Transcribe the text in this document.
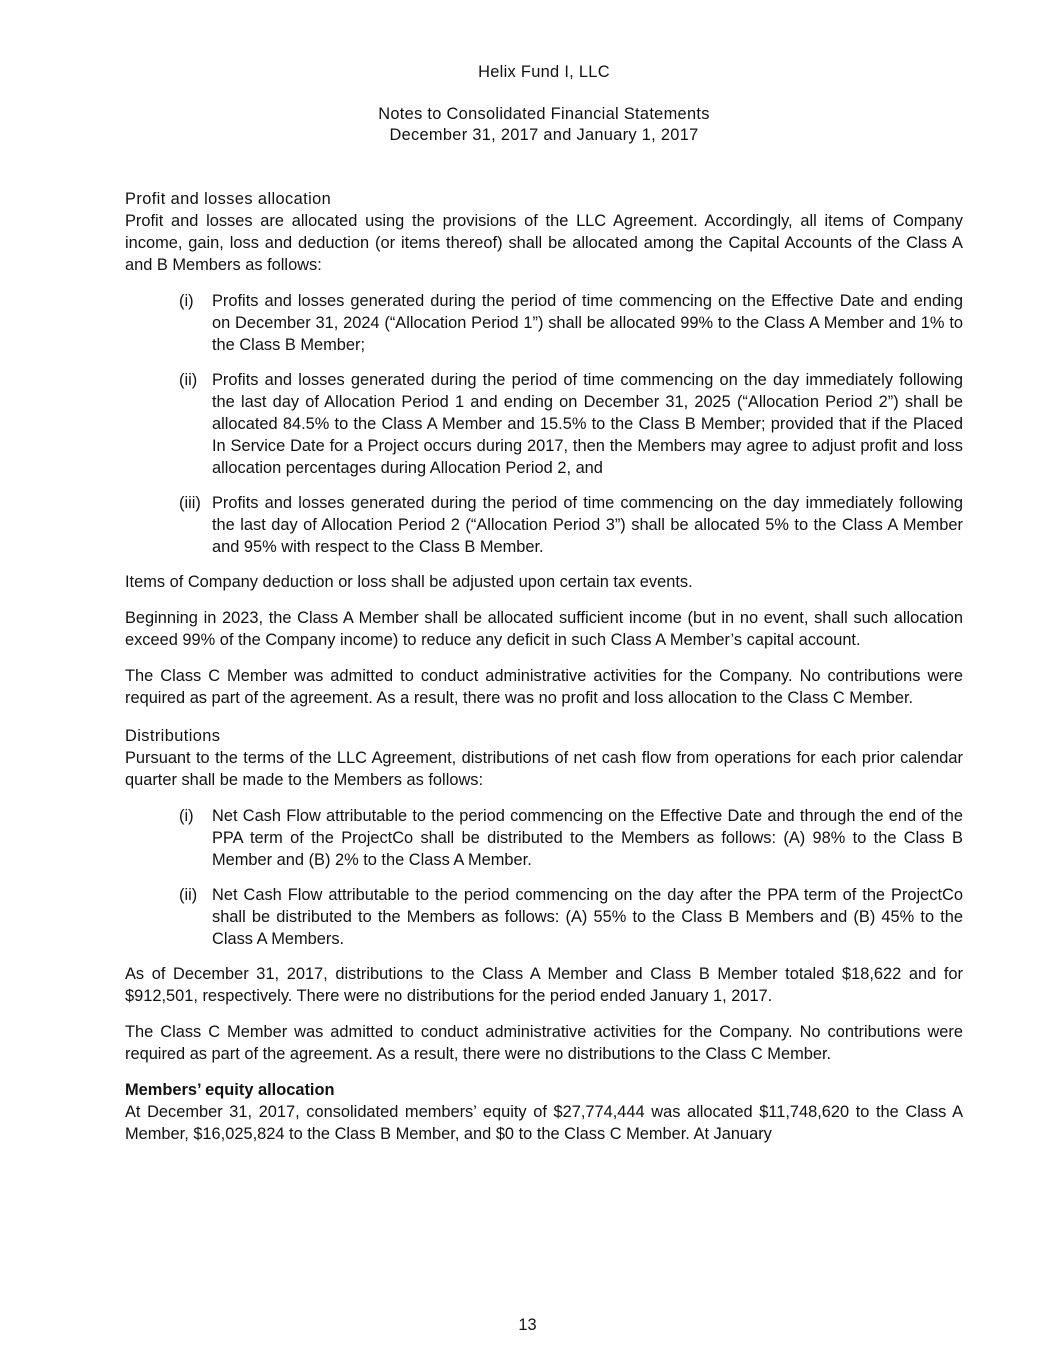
Helix Fund I, LLC

Notes to Consolidated Financial Statements

December 31, 2017 and January 1, 2017

Profit and losses allocation

Profit and losses are allocated using the provisions of the LLC Agreement. Accordingly, all items of Company income, gain, loss and deduction (or items thereof) shall be allocated among the Capital Accounts of the Class A and B Members as follows:

(i)	Profits and losses generated during the period of time commencing on the Effective Date and ending on December 31, 2024 (“Allocation Period 1”) shall be allocated 99% to the Class A Member and 1% to the Class B Member;
(ii) Profits and losses generated during the period of time commencing on the day immediately following the last day of Allocation Period 1 and ending on December 31, 2025 (“Allocation Period 2”) shall be allocated 84.5% to the Class A Member and 15.5% to the Class B Member; provided that if the Placed In Service Date for a Project occurs during 2017, then the Members may agree to adjust profit and loss allocation percentages during Allocation Period 2, and
(iii) Profits and losses generated during the period of time commencing on the day immediately following the last day of Allocation Period 2 (“Allocation Period 3”) shall be allocated 5% to the Class A Member and 95% with respect to the Class B Member.

Items of Company deduction or loss shall be adjusted upon certain tax events.

Beginning in 2023, the Class A Member shall be allocated sufficient income (but in no event, shall such allocation exceed 99% of the Company income) to reduce any deficit in such Class A Member’s capital account.

The Class C Member was admitted to conduct administrative activities for the Company. No contributions were required as part of the agreement. As a result, there was no profit and loss allocation to the Class C Member.

Distributions

Pursuant to the terms of the LLC Agreement, distributions of net cash flow from operations for each prior calendar quarter shall be made to the Members as follows:

(i)	Net Cash Flow attributable to the period commencing on the Effective Date and through the end of the PPA term of the ProjectCo shall be distributed to the Members as follows: (A) 98% to the Class B Member and (B) 2% to the Class A Member.
(ii) Net Cash Flow attributable to the period commencing on the day after the PPA term of the ProjectCo shall be distributed to the Members as follows: (A) 55% to the Class B Members and (B) 45% to the Class A Members.

As of December 31, 2017, distributions to the Class A Member and Class B Member totaled $18,622 and for $912,501, respectively. There were no distributions for the period ended January 1, 2017.

The Class C Member was admitted to conduct administrative activities for the Company. No contributions were required as part of the agreement. As a result, there were no distributions to the Class C Member.

Members’ equity allocation

At December 31, 2017, consolidated members’ equity of $27,774,444 was allocated $11,748,620 to the Class A Member, $16,025,824 to the Class B Member, and $0 to the Class C Member. At January

13
